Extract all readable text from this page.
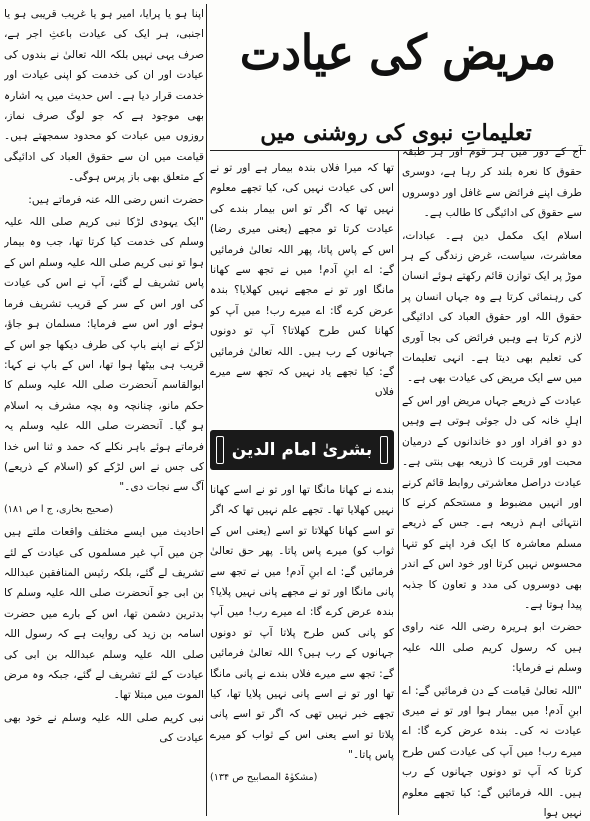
مریض کی عیادت
تعلیماتِ نبوی کی روشنی میں

آج کے دور میں ہر قوم اور ہر طبقہ حقوق کا نعرہ بلند کر رہا ہے، دوسری طرف اپنے فرائض سے غافل اور دوسروں سے حقوق کی ادائیگی کا طالب ہے۔

اسلام ایک مکمل دین ہے۔ عبادات، معاشرت، سیاست، غرض زندگی کے ہر موڑ پر ایک توازن قائم رکھتے ہوئے انسان کی رہنمائی کرتا ہے وہ جہاں انسان پر حقوق اللہ اور حقوق العباد کی ادائیگی لازم کرتا ہے وہیں فرائض کی بجا آوری کی تعلیم بھی دیتا ہے۔ انہی تعلیمات میں سے ایک مریض کی عیادت بھی ہے۔

عیادت کے ذریعے جہاں مریض اور اس کے اہلِ خانہ کی دل جوئی ہوتی ہے وہیں دو دو افراد اور دو خاندانوں کے درمیان محبت اور قربت کا ذریعہ بھی بنتی ہے۔ عیادت دراصل معاشرتی روابط قائم کرنے اور انہیں مضبوط و مستحکم کرنے کا انتہائی اہم ذریعہ ہے۔ جس کے ذریعے مسلم معاشرہ کا ایک فرد اپنے کو تنہا محسوس نہیں کرتا اور خود اس کے اندر بھی دوسروں کی مدد و تعاون کا جذبہ پیدا ہوتا ہے۔

حضرت ابو ہریرہ رضی اللہ عنہ راوی ہیں کہ رسول کریم صلی اللہ علیہ وسلم نے فرمایا:

"اللہ تعالیٰ قیامت کے دن فرمائیں گے: اے ابنِ آدم! میں بیمار ہوا اور تو نے میری عیادت نہ کی۔ بندہ عرض کرے گا: اے میرے رب! میں آپ کی عیادت کس طرح کرتا کہ آپ تو دونوں جہانوں کے رب ہیں۔ اللہ فرمائیں گے: کیا تجھے معلوم نہیں ہوا

تھا کہ میرا فلاں بندہ بیمار ہے اور تو نے اس کی عیادت نہیں کی، کیا تجھے معلوم نہیں تھا کہ اگر تو اس بیمار بندے کی عیادت کرتا تو مجھے (یعنی میری رضا) اس کے پاس پاتا، پھر اللہ تعالیٰ فرمائیں گے: اے ابنِ آدم! میں نے تجھ سے کھانا مانگا اور تو نے مجھے نہیں کھلایا؟ بندہ عرض کرے گا: اے میرے رب! میں آپ کو کھانا کس طرح کھلاتا؟ آپ تو دونوں جہانوں کے رب ہیں۔ اللہ تعالیٰ فرمائیں گے: کیا تجھے یاد نہیں کہ تجھ سے میرے فلاں

بشریٰ امام الدین

بندے نے کھانا مانگا تھا اور تو نے اسے کھانا نہیں کھلایا تھا۔ تجھے علم نہیں تھا کہ اگر تو اسے کھانا کھلاتا تو اسے (یعنی اس کے ثواب کو) میرے پاس پاتا۔ پھر حق تعالیٰ فرمائیں گے: اے ابنِ آدم! میں نے تجھ سے پانی مانگا اور تو نے مجھے پانی نہیں پلایا؟ بندہ عرض کرے گا: اے میرے رب! میں آپ کو پانی کس طرح پلاتا آپ تو دونوں جہانوں کے رب ہیں؟ اللہ تعالیٰ فرمائیں گے: تجھ سے میرے فلاں بندے نے پانی مانگا تھا اور تو نے اسے پانی نہیں پلایا تھا، کیا تجھے خبر نہیں تھی کہ اگر تو اسے پانی پلاتا تو اسے یعنی اس کے ثواب کو میرے پاس پاتا۔"

(مشکوٰۃ المصابیح ص ۱۳۴)

اپنا ہو یا پرایا، امیر ہو یا غریب قریبی ہو یا اجنبی، ہر ایک کی عیادت باعثِ اجر ہے، صرف یہی نہیں بلکہ اللہ تعالیٰ نے بندوں کی عیادت اور ان کی خدمت کو اپنی عیادت اور خدمت قرار دیا ہے۔ اس حدیث میں یہ اشارہ بھی موجود ہے کہ جو لوگ صرف نماز، روزوں میں عبادت کو محدود سمجھتے ہیں۔ قیامت میں ان سے حقوق العباد کی ادائیگی کے متعلق بھی باز پرس ہوگی۔

حضرت انس رضی اللہ عنہ فرماتے ہیں:

"ایک یہودی لڑکا نبی کریم صلی اللہ علیہ وسلم کی خدمت کیا کرتا تھا، جب وہ بیمار ہوا تو نبی کریم صلی اللہ علیہ وسلم اس کے پاس تشریف لے گئے، آپ نے اس کی عیادت کی اور اس کے سر کے قریب تشریف فرما ہوئے اور اس سے فرمایا: مسلمان ہو جاؤ، لڑکے نے اپنے باپ کی طرف دیکھا جو اس کے قریب ہی بیٹھا ہوا تھا، اس کے باپ نے کہا: ابوالقاسم آنحضرت صلی اللہ علیہ وسلم کا حکم مانو، چنانچہ وہ بچہ مشرف بہ اسلام ہو گیا۔ آنحضرت صلی اللہ علیہ وسلم یہ فرماتے ہوئے باہر نکلے کہ حمد و ثنا اس خدا کی جس نے اس لڑکے کو (اسلام کے ذریعے) آگ سے نجات دی۔"

(صحیح بخاری، ج ا ص ۱۸۱)

احادیث میں ایسے مختلف واقعات ملتے ہیں جن میں آپ غیر مسلموں کی عیادت کے لئے تشریف لے گئے، بلکہ رئیس المنافقین عبداللہ بن ابی جو آنحضرت صلی اللہ علیہ وسلم کا بدترین دشمن تھا، اس کے بارے میں حضرت اسامہ بن زید کی روایت ہے کہ رسول اللہ صلی اللہ علیہ وسلم عبداللہ بن ابی کی عیادت کے لئے تشریف لے گئے، جبکہ وہ مرض الموت میں مبتلا تھا۔

نبی کریم صلی اللہ علیہ وسلم نے خود بھی عیادت کی
